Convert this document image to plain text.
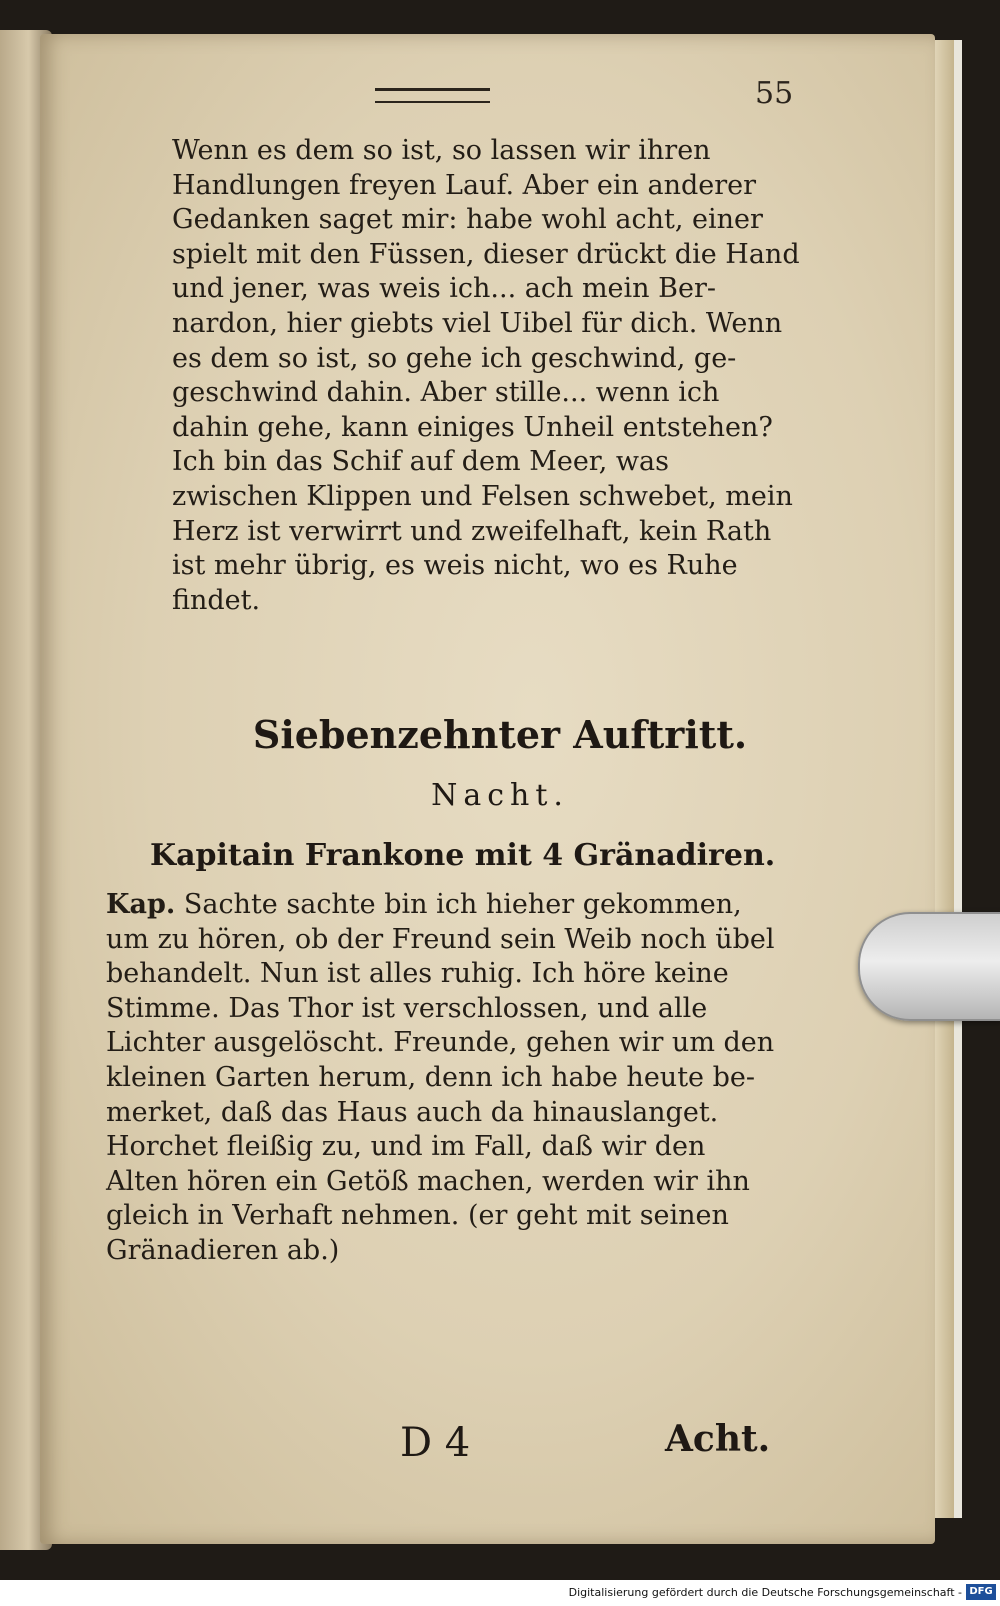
55
Wenn es dem so ist, so lassen wir ihren
Handlungen freyen Lauf. Aber ein anderer
Gedanken saget mir: habe wohl acht, einer
spielt mit den Füssen, dieser drückt die Hand
und jener, was weis ich... ach mein Ber-
nardon, hier giebts viel Uibel für dich. Wenn
es dem so ist, so gehe ich geschwind, ge-
geschwind dahin. Aber stille... wenn ich
dahin gehe, kann einiges Unheil entstehen?
Ich bin das Schif auf dem Meer, was
zwischen Klippen und Felsen schwebet, mein
Herz ist verwirrt und zweifelhaft, kein Rath
ist mehr übrig, es weis nicht, wo es Ruhe
findet.
Siebenzehnter Auftritt.
Nacht.
Kapitain Frankone mit 4 Gränadiren.
Kap. Sachte sachte bin ich hieher gekommen,
um zu hören, ob der Freund sein Weib noch übel
behandelt. Nun ist alles ruhig. Ich höre keine
Stimme. Das Thor ist verschlossen, und alle
Lichter ausgelöscht. Freunde, gehen wir um den
kleinen Garten herum, denn ich habe heute be-
merket, daß das Haus auch da hinauslanget.
Horchet fleißig zu, und im Fall, daß wir den
Alten hören ein Getöß machen, werden wir ihn
gleich in Verhaft nehmen. (er geht mit seinen
Gränadieren ab.)
D 4	Acht.
Digitalisierung gefördert durch die Deutsche Forschungsgemeinschaft - DFG
